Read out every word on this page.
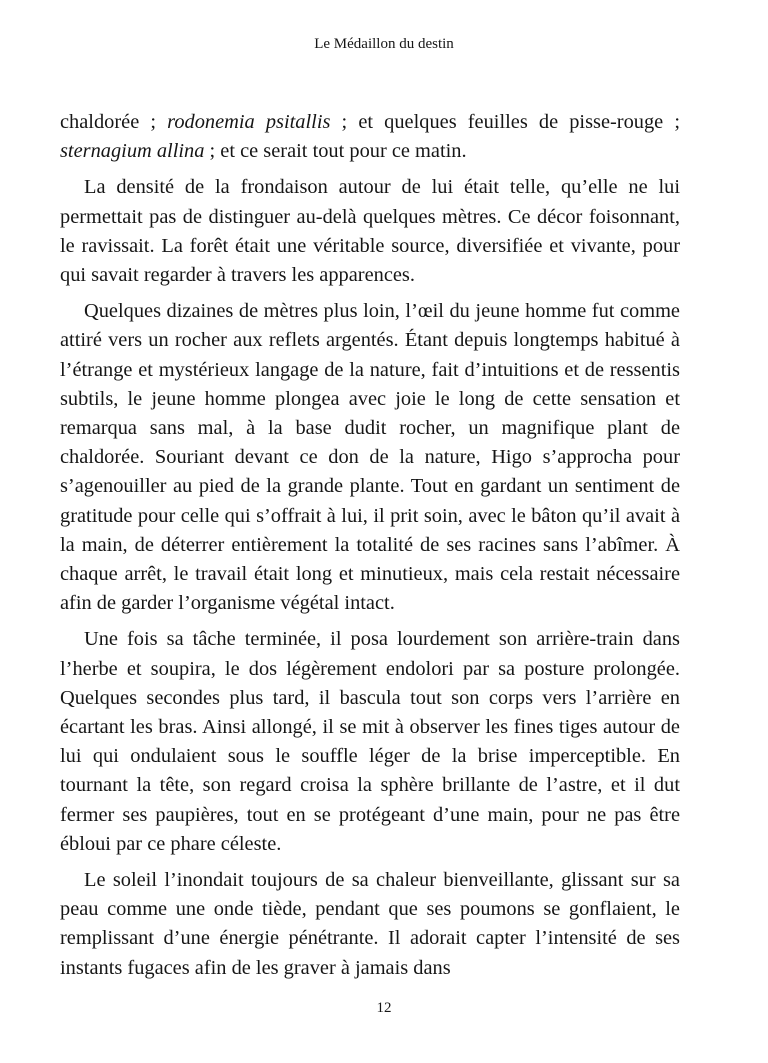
Le Médaillon du destin

chaldorée ; rodonemia psitallis ; et quelques feuilles de pisse-rouge ; sternagium allina ; et ce serait tout pour ce matin.

La densité de la frondaison autour de lui était telle, qu’elle ne lui permettait pas de distinguer au-delà quelques mètres. Ce décor foisonnant, le ravissait. La forêt était une véritable source, diversifiée et vivante, pour qui savait regarder à travers les apparences.

Quelques dizaines de mètres plus loin, l’œil du jeune homme fut comme attiré vers un rocher aux reflets argentés. Étant depuis longtemps habitué à l’étrange et mystérieux langage de la nature, fait d’intuitions et de ressentis subtils, le jeune homme plongea avec joie le long de cette sensation et remarqua sans mal, à la base dudit rocher, un magnifique plant de chaldorée. Souriant devant ce don de la nature, Higo s’approcha pour s’agenouiller au pied de la grande plante. Tout en gardant un sentiment de gratitude pour celle qui s’offrait à lui, il prit soin, avec le bâton qu’il avait à la main, de déterrer entièrement la totalité de ses racines sans l’abîmer. À chaque arrêt, le travail était long et minutieux, mais cela restait nécessaire afin de garder l’organisme végétal intact.

Une fois sa tâche terminée, il posa lourdement son arrière-train dans l’herbe et soupira, le dos légèrement endolori par sa posture prolongée. Quelques secondes plus tard, il bascula tout son corps vers l’arrière en écartant les bras. Ainsi allongé, il se mit à observer les fines tiges autour de lui qui ondulaient sous le souffle léger de la brise imperceptible. En tournant la tête, son regard croisa la sphère brillante de l’astre, et il dut fermer ses paupières, tout en se protégeant d’une main, pour ne pas être ébloui par ce phare céleste.

Le soleil l’inondait toujours de sa chaleur bienveillante, glissant sur sa peau comme une onde tiède, pendant que ses poumons se gonflaient, le remplissant d’une énergie pénétrante. Il adorait capter l’intensité de ses instants fugaces afin de les graver à jamais dans

12
